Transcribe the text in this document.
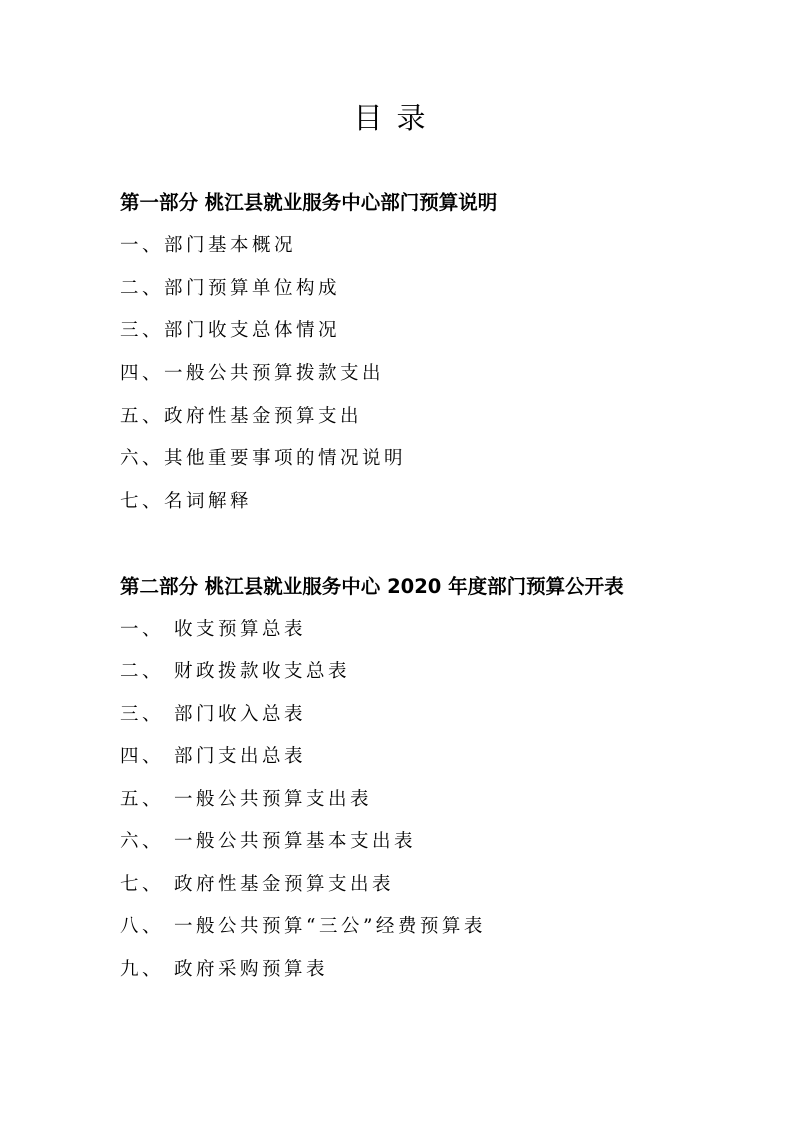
目录
第一部分 桃江县就业服务中心部门预算说明
一、部门基本概况
二、部门预算单位构成
三、部门收支总体情况
四、一般公共预算拨款支出
五、政府性基金预算支出
六、其他重要事项的情况说明
七、名词解释
第二部分 桃江县就业服务中心 2020 年度部门预算公开表
一、 收支预算总表
二、 财政拨款收支总表
三、 部门收入总表
四、 部门支出总表
五、 一般公共预算支出表
六、 一般公共预算基本支出表
七、 政府性基金预算支出表
八、 一般公共预算“三公”经费预算表
九、 政府采购预算表
